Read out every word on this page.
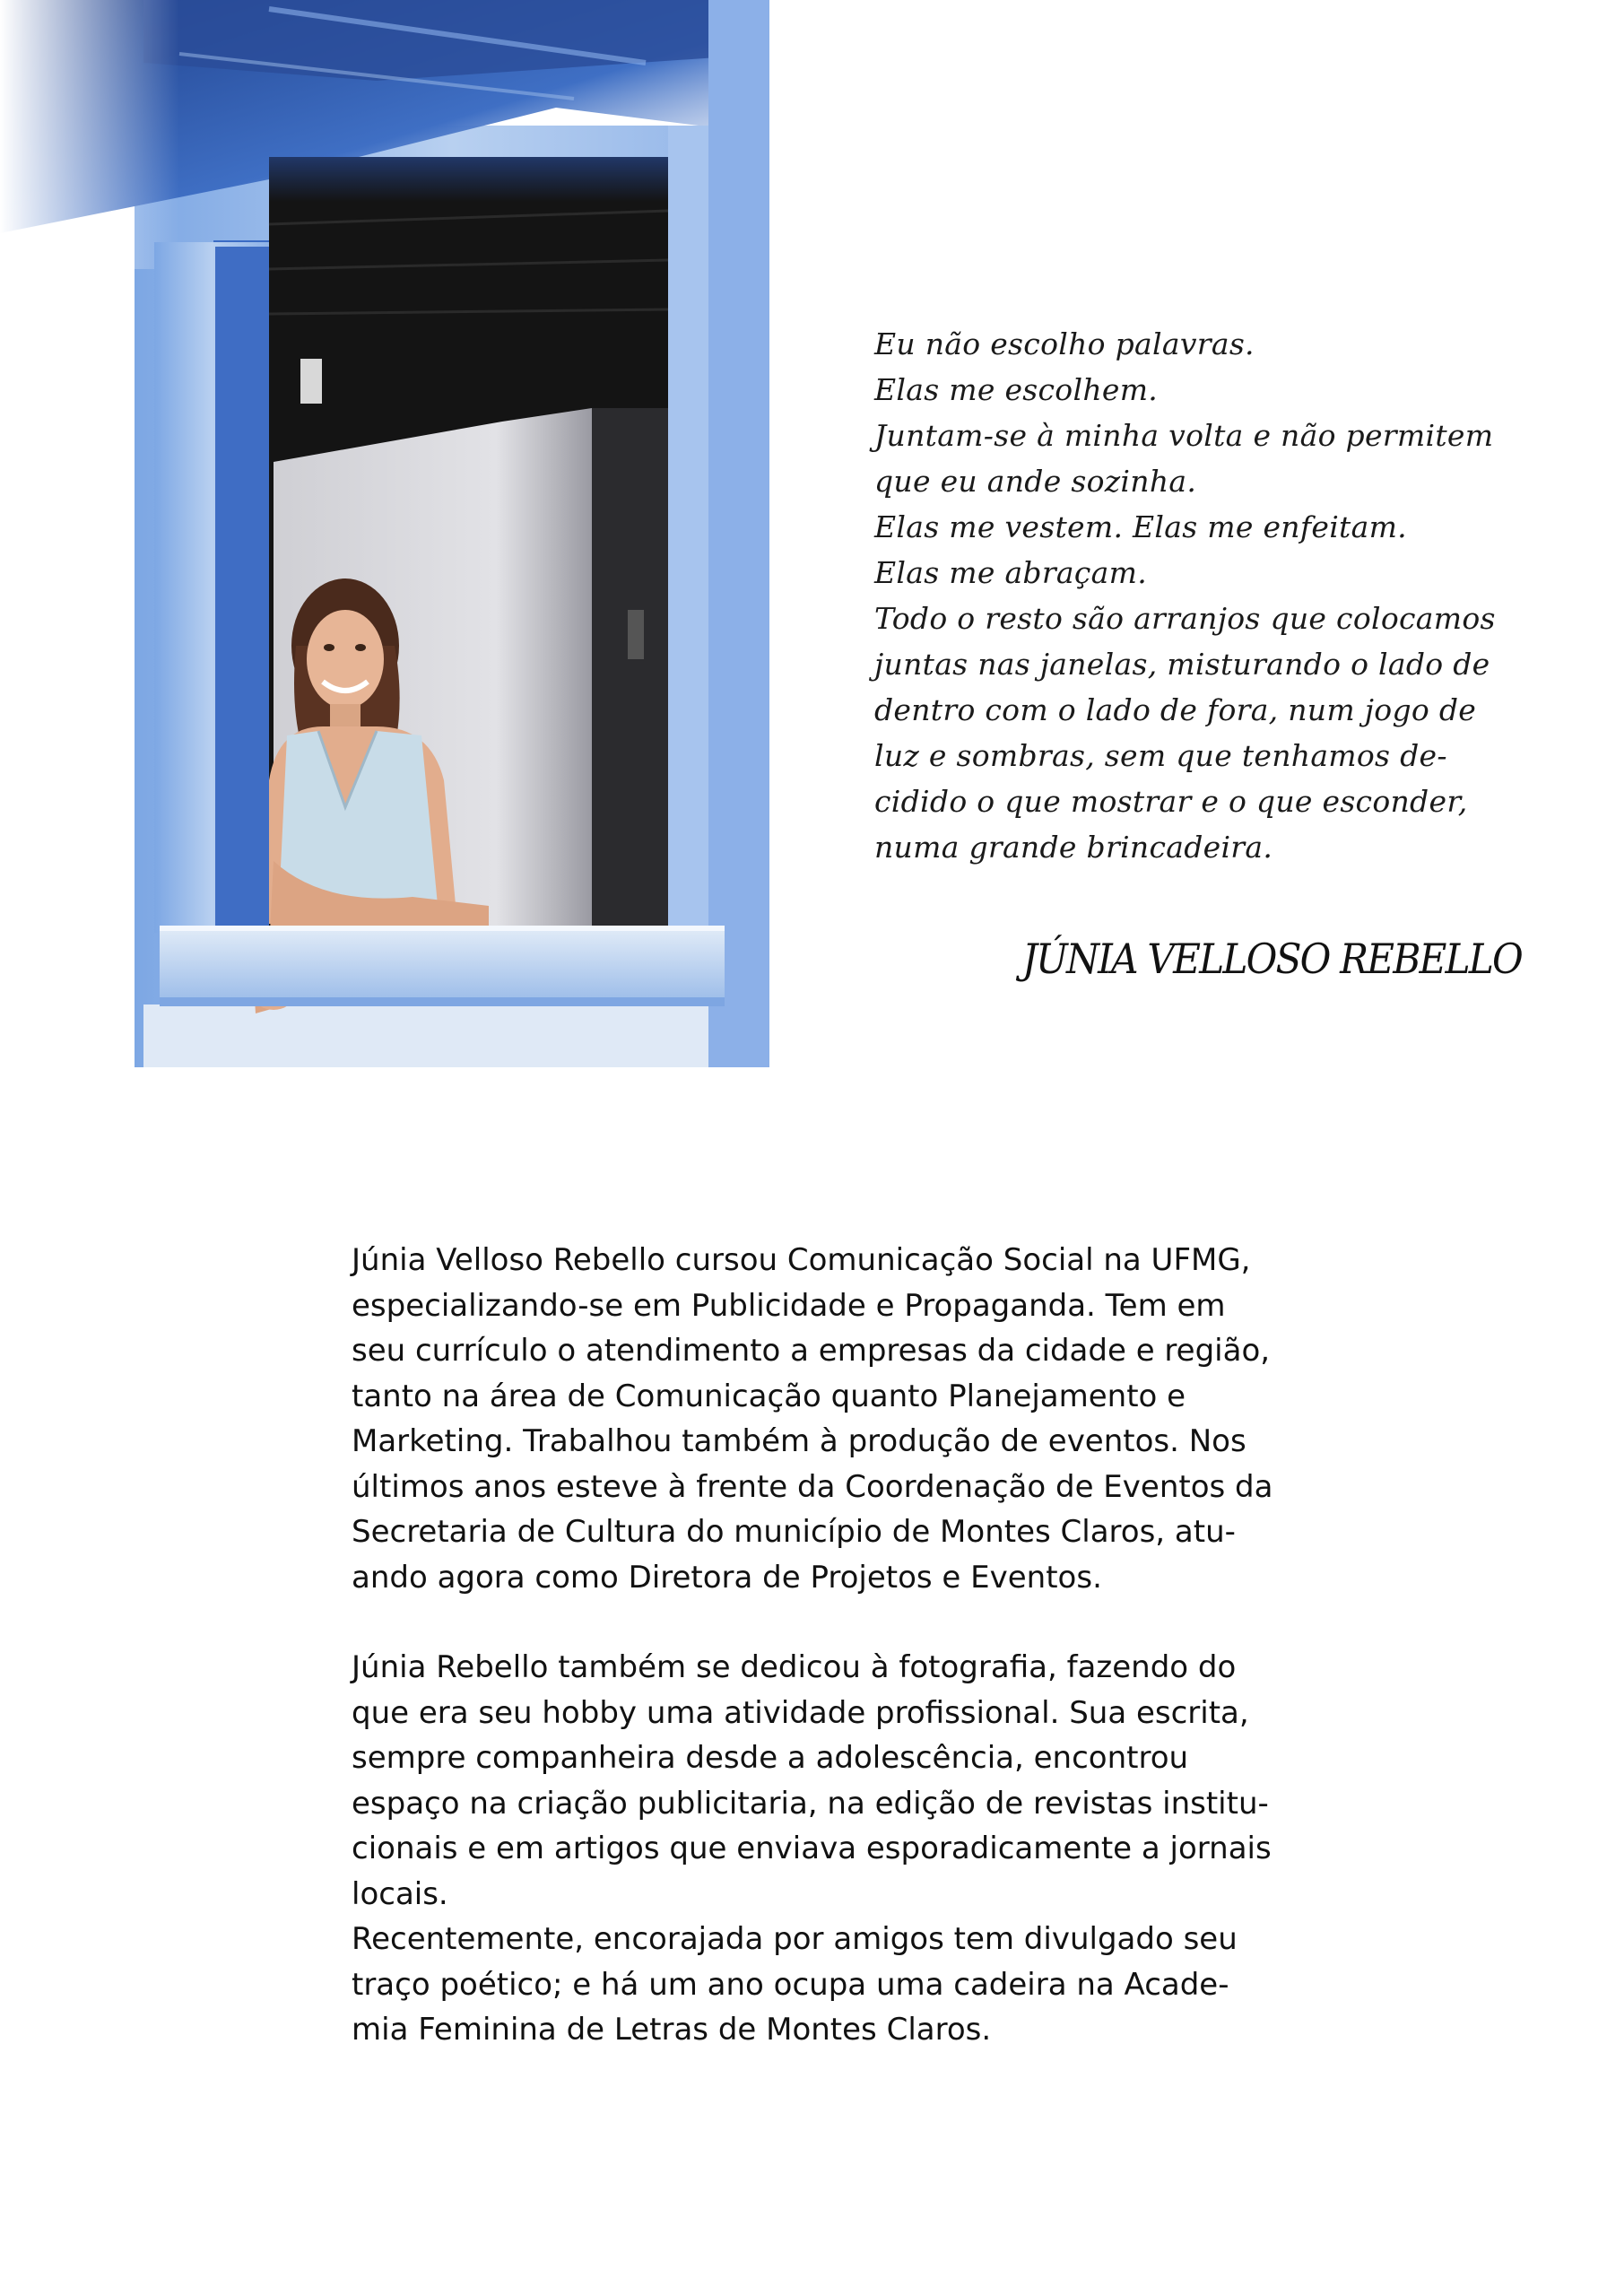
Eu não escolho palavras.
Elas me escolhem.
Juntam-se à minha volta e não permitem
que eu ande sozinha.
Elas me vestem. Elas me enfeitam.
Elas me abraçam.
Todo o resto são arranjos que colocamos
juntas nas janelas, misturando o lado de
dentro com o lado de fora, num jogo de
luz e sombras, sem que tenhamos de-
cidido o que mostrar e o que esconder,
numa grande brincadeira.
JÚNIA VELLOSO REBELLO
Júnia Velloso Rebello cursou Comunicação Social na UFMG,
especializando-se em Publicidade e Propaganda. Tem em
seu currículo o atendimento a empresas da cidade e região,
tanto na área de Comunicação quanto Planejamento e
Marketing. Trabalhou também à produção de eventos. Nos
últimos anos esteve à frente da Coordenação de Eventos da
Secretaria de Cultura do município de Montes Claros, atu-
ando agora como Diretora de Projetos e Eventos.
Júnia Rebello também se dedicou à fotografia, fazendo do
que era seu hobby uma atividade profissional. Sua escrita,
sempre companheira desde a adolescência, encontrou
espaço na criação publicitaria, na edição de revistas institu-
cionais e em artigos que enviava esporadicamente a jornais
locais.
Recentemente, encorajada por amigos tem divulgado seu
traço poético; e há um ano ocupa uma cadeira na Acade-
mia Feminina de Letras de Montes Claros.
